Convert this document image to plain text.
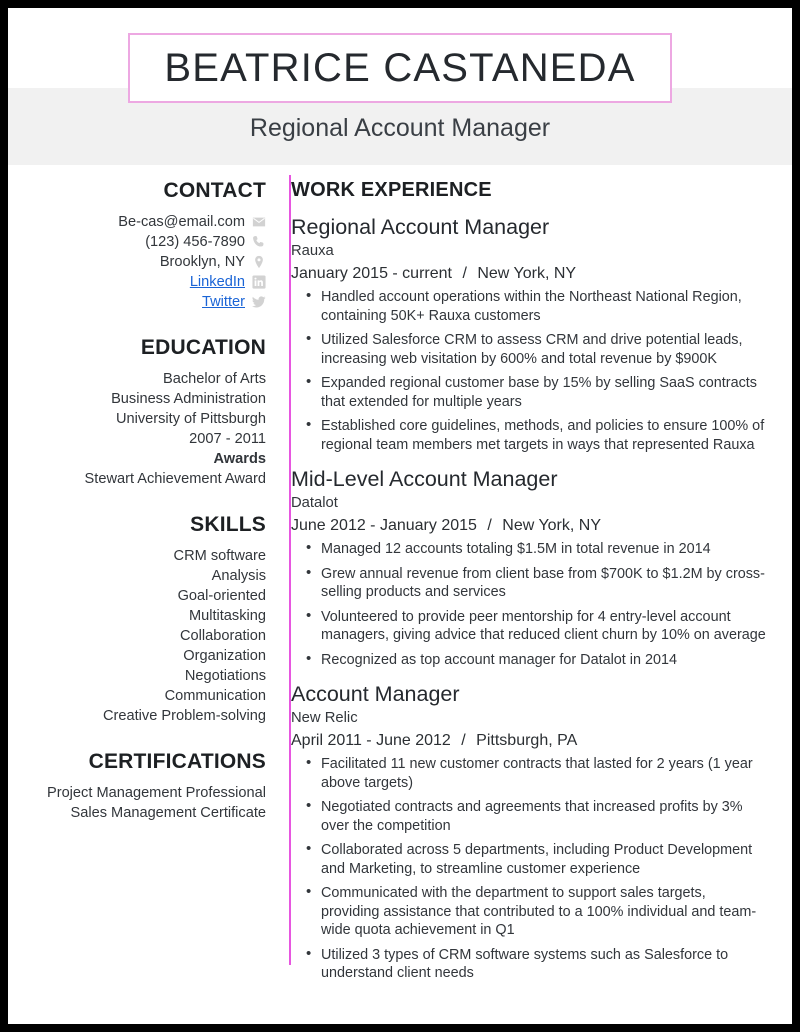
BEATRICE CASTANEDA
Regional Account Manager
CONTACT
Be-cas@email.com
(123) 456-7890
Brooklyn, NY
LinkedIn
Twitter
EDUCATION
Bachelor of Arts
Business Administration
University of Pittsburgh
2007 - 2011
Awards
Stewart Achievement Award
SKILLS
CRM software
Analysis
Goal-oriented
Multitasking
Collaboration
Organization
Negotiations
Communication
Creative Problem-solving
CERTIFICATIONS
Project Management Professional
Sales Management Certificate
WORK EXPERIENCE
Regional Account Manager
Rauxa
January 2015 - current / New York, NY
• Handled account operations within the Northeast National Region, containing 50K+ Rauxa customers
• Utilized Salesforce CRM to assess CRM and drive potential leads, increasing web visitation by 600% and total revenue by $900K
• Expanded regional customer base by 15% by selling SaaS contracts that extended for multiple years
• Established core guidelines, methods, and policies to ensure 100% of regional team members met targets in ways that represented Rauxa
Mid-Level Account Manager
Datalot
June 2012 - January 2015 / New York, NY
• Managed 12 accounts totaling $1.5M in total revenue in 2014
• Grew annual revenue from client base from $700K to $1.2M by cross-selling products and services
• Volunteered to provide peer mentorship for 4 entry-level account managers, giving advice that reduced client churn by 10% on average
• Recognized as top account manager for Datalot in 2014
Account Manager
New Relic
April 2011 - June 2012 / Pittsburgh, PA
• Facilitated 11 new customer contracts that lasted for 2 years (1 year above targets)
• Negotiated contracts and agreements that increased profits by 3% over the competition
• Collaborated across 5 departments, including Product Development and Marketing, to streamline customer experience
• Communicated with the department to support sales targets, providing assistance that contributed to a 100% individual and team-wide quota achievement in Q1
• Utilized 3 types of CRM software systems such as Salesforce to understand client needs
